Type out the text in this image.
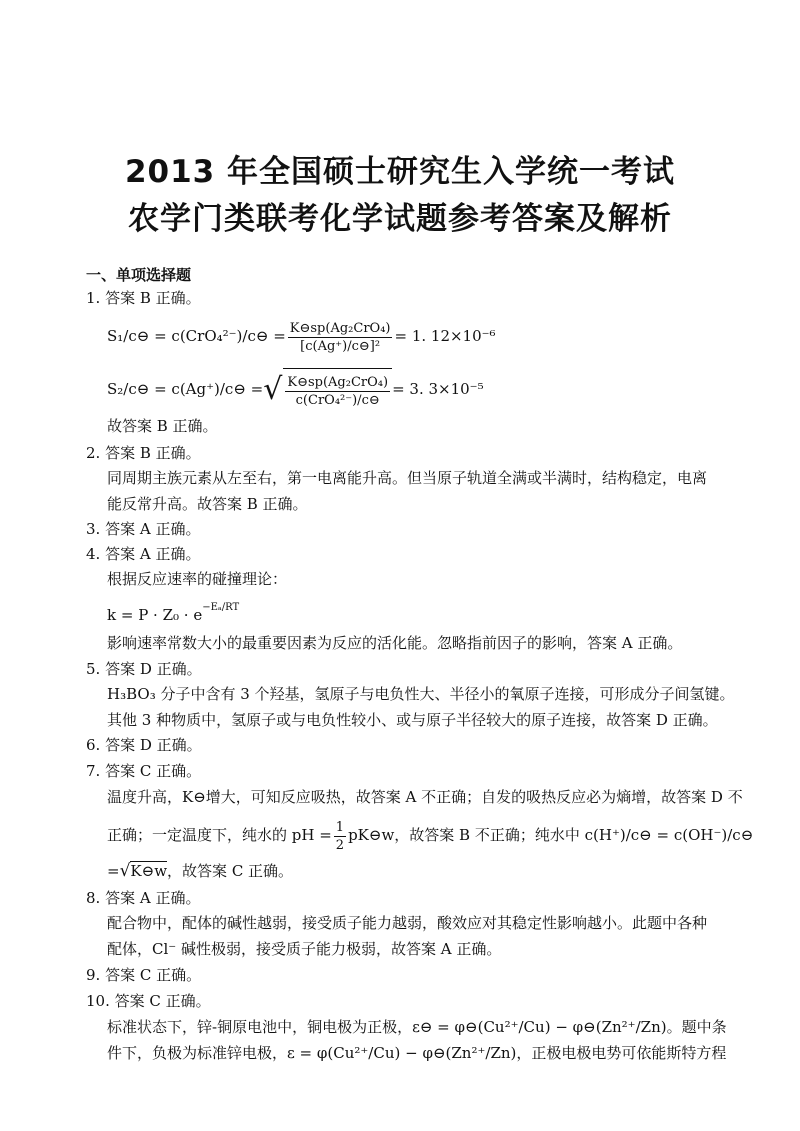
2013 年全国硕士研究生入学统一考试
农学门类联考化学试题参考答案及解析
一、单项选择题
1. 答案 B 正确。
S₁/c⊖ = c(CrO₄²⁻)/c⊖ = $\frac{\text{K⊖sp(Ag₂CrO₄)}}{\text{[c(Ag⁺)/c⊖]²}} = 1$. 12×10⁻⁶
S₂/c⊖ = c(Ag⁺)/c⊖ =√ $\frac{\text{K⊖sp(Ag₂CrO₄)}}{\text{c(CrO₄²⁻)/c⊖}} = 3$. 3×10⁻⁵
故答案 B 正确。
2. 答案 B 正确。
同周期主族元素从左至右，第一电离能升高。但当原子轨道全满或半满时，结构稳定，电离
能反常升高。故答案 B 正确。
3. 答案 A 正确。
4. 答案 A 正确。
根据反应速率的碰撞理论：
$k = P \cdot Z_0 \cdot e^{-E_a/RT}$
影响速率常数大小的最重要因素为反应的活化能。忽略指前因子的影响，答案 A 正确。
5. 答案 D 正确。
H₃BO₃ 分子中含有 3 个羟基，氢原子与电负性大、半径小的氧原子连接，可形成分子间氢键。
其他 3 种物质中，氢原子或与电负性较小、或与原子半径较大的原子连接，故答案 D 正确。
6. 答案 D 正确。
7. 答案 C 正确。
温度升高，K⊖增大，可知反应吸热，故答案 A 不正确；自发的吸热反应必为熵增，故答案 D 不
正确；一定温度下，纯水的 pH = $\frac{1}{2}$ pK⊖w，故答案 B 不正确；纯水中 c(H⁺)/c⊖ = c(OH⁻)/c⊖
=√K⊖w，故答案 C 正确。
8. 答案 A 正确。
配合物中，配体的碱性越弱，接受质子能力越弱，酸效应对其稳定性影响越小。此题中各种
配体，Cl⁻ 碱性极弱，接受质子能力极弱，故答案 A 正确。
9. 答案 C 正确。
10. 答案 C 正确。
标准状态下，锌-铜原电池中，铜电极为正极，ε⊖ = φ⊖(Cu²⁺/Cu) − φ⊖(Zn²⁺/Zn)。题中条
件下，负极为标准锌电极，ε = φ(Cu²⁺/Cu) − φ⊖(Zn²⁺/Zn)，正极电极电势可依能斯特方程
